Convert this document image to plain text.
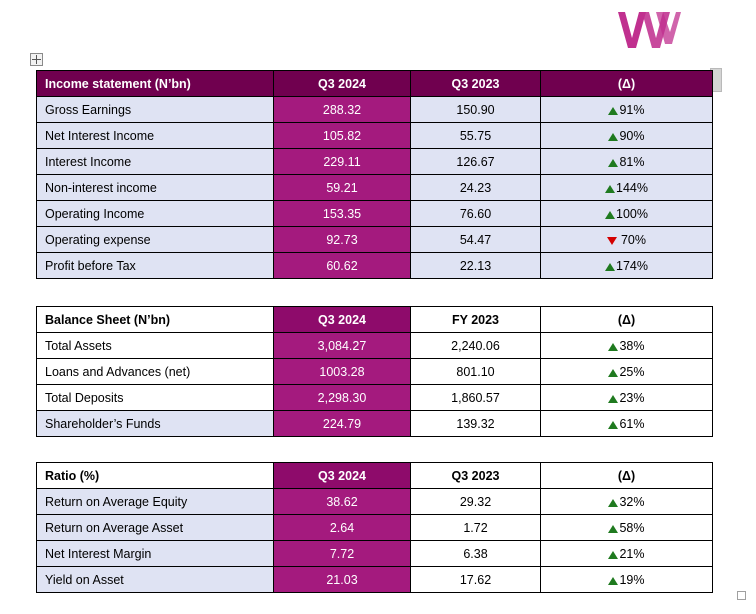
Income statement (N’bn)	Q3 2024	Q3 2023	(Δ)
Gross Earnings	288.32	150.90	91%
Net Interest Income	105.82	55.75	90%
Interest Income	229.11	126.67	81%
Non-interest income	59.21	24.23	144%
Operating Income	153.35	76.60	100%
Operating expense	92.73	54.47	70%
Profit before Tax	60.62	22.13	174%
Balance Sheet (N’bn)	Q3 2024	FY 2023	(Δ)
Total Assets	3,084.27	2,240.06	38%
Loans and Advances (net)	1003.28	801.10	25%
Total Deposits	2,298.30	1,860.57	23%
Shareholder’s Funds	224.79	139.32	61%
Ratio (%)	Q3 2024	Q3 2023	(Δ)
Return on Average Equity	38.62	29.32	32%
Return on Average Asset	2.64	1.72	58%
Net Interest Margin	7.72	6.38	21%
Yield on Asset	21.03	17.62	19%
